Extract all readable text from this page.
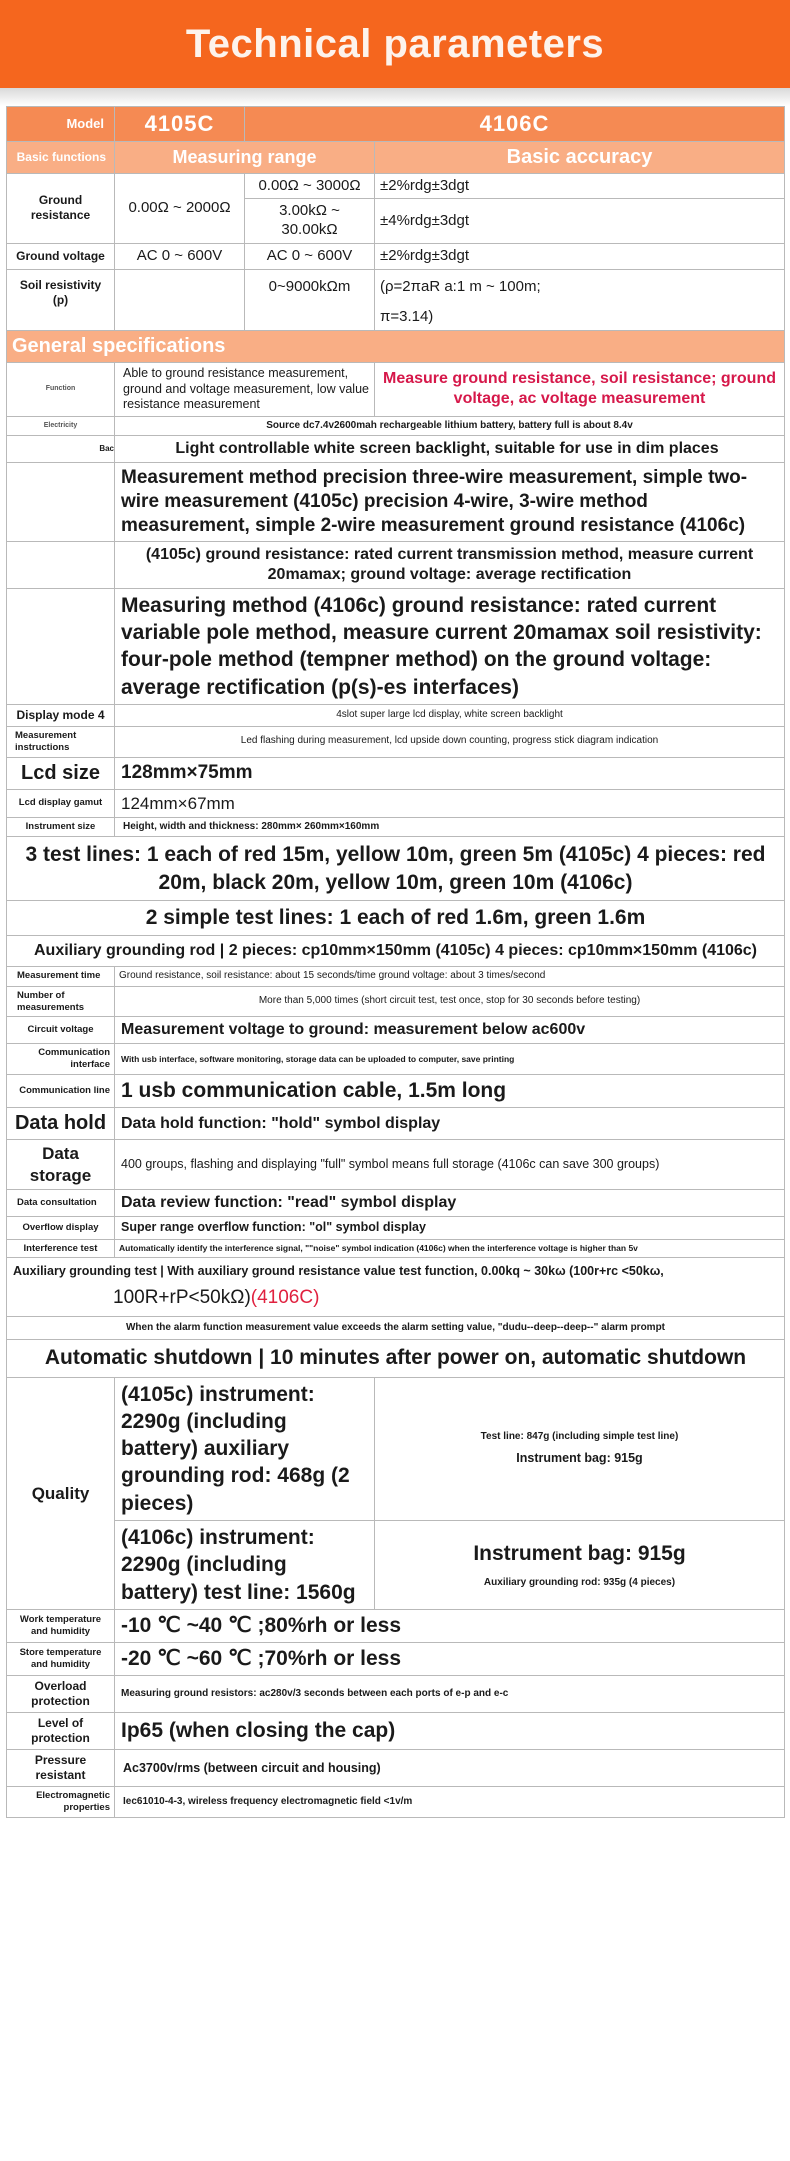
Technical parameters
Model	4105C	4106C	
Basic functions	Measuring range		Basic accuracy
Ground resistance	0.00Ω ~ 2000Ω	0.00Ω ~ 3000Ω	±2%rdg±3dgt
		3.00kΩ ~ 30.00kΩ	±4%rdg±3dgt
Ground voltage	AC 0 ~ 600V	AC 0 ~ 600V	±2%rdg±3dgt
Soil resistivity (p)		0~9000kΩm	(ρ=2πaR a:1 m ~ 100m;
π=3.14)

General specifications			
Function	Able to ground resistance measurement, ground and voltage measurement, low value resistance measurement		Measure ground resistance, soil resistance; ground voltage, ac voltage measurement
Electricity	Source dc7.4v2600mah rechargeable lithium battery, battery full is about 8.4v		
Bac	Light controllable white screen backlight, suitable for use in dim places		
	Measurement method precision three-wire measurement, simple two-wire measurement (4105c) precision 4-wire, 3-wire method measurement, simple 2-wire measurement ground resistance (4106c)		
	(4105c) ground resistance: rated current transmission method, measure current 20mamax; ground voltage: average rectification		
	Measuring method (4106c) ground resistance: rated current variable pole method, measure current 20mamax soil resistivity: four-pole method (tempner method) on the ground voltage: average rectification (p(s)-es interfaces)		
Display mode 4	4slot super large lcd display, white screen backlight		
Measurement instructions	Led flashing during measurement, lcd upside down counting, progress stick diagram indication		
Lcd size	128mm×75mm		
Lcd display gamut	124mm×67mm		
Instrument size	Height, width and thickness: 280mm× 260mm×160mm		
3 test lines: 1 each of red 15m, yellow 10m, green 5m (4105c) 4 pieces: red 20m, black 20m, yellow 10m, green 10m (4106c)			
2 simple test lines: 1 each of red 1.6m, green 1.6m			
Auxiliary grounding rod | 2 pieces: cp10mm×150mm (4105c) 4 pieces: cp10mm×150mm (4106c)			
Measurement time	Ground resistance, soil resistance: about 15 seconds/time ground voltage: about 3 times/second		
Number of measurements	More than 5,000 times (short circuit test, test once, stop for 30 seconds before testing)		
Circuit voltage	Measurement voltage to ground: measurement below ac600v		
Communication interface	With usb interface, software monitoring, storage data can be uploaded to computer, save printing		
Communication line	1 usb communication cable, 1.5m long		
Data hold	Data hold function: "hold" symbol display		
Data storage	400 groups, flashing and displaying "full" symbol means full storage (4106c can save 300 groups)		
Data consultation	Data review function: "read" symbol display		
Overflow display	Super range overflow function: "ol" symbol display		
Interference test	Automatically identify the interference signal, ""noise" symbol indication (4106c) when the interference voltage is higher than 5v		

Auxiliary grounding test | With auxiliary ground resistance value test function, 0.00kq ~ 30kω (100r+rc <50kω,
100R+rP<50kΩ)(4106C)			

When the alarm function measurement value exceeds the alarm setting value, "dudu--deep--deep--" alarm prompt			
Automatic shutdown | 10 minutes after power on, automatic shutdown			
Quality	(4105c) instrument: 2290g (including battery) auxiliary grounding rod: 468g (2 pieces)		Test line: 847g (including simple test line)
Instrument bag: 915g

	(4106c) instrument: 2290g (including battery) test line: 1560g		Instrument bag: 915g
Auxiliary grounding rod: 935g (4 pieces)

Work temperature and humidity	-10 ℃ ~40 ℃ ;80%rh or less		
Store temperature and humidity	-20 ℃ ~60 ℃ ;70%rh or less		
Overload protection	Measuring ground resistors: ac280v/3 seconds between each ports of e-p and e-c		
Level of protection	Ip65 (when closing the cap)		
Pressure resistant	Ac3700v/rms (between circuit and housing)		
Electromagnetic properties	Iec61010-4-3, wireless frequency electromagnetic field <1v/m		
